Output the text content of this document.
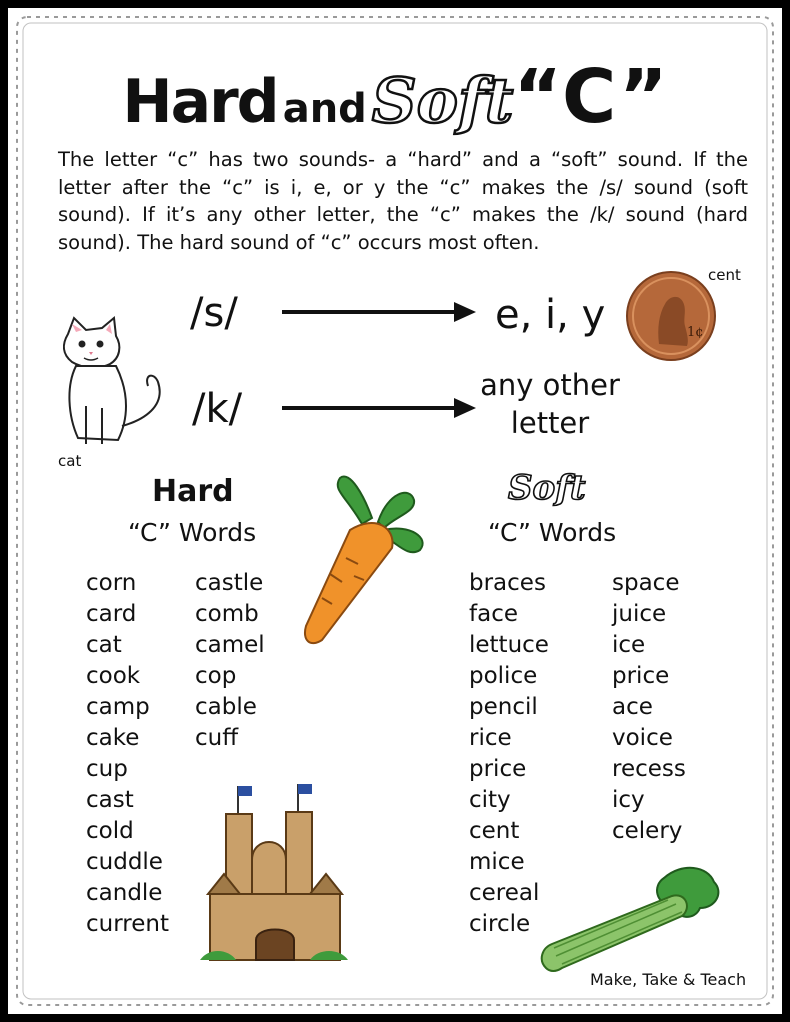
Hard and Soft“C”
The letter “c” has two sounds- a “hard” and a “soft” sound. If the letter after the “c” is i, e, or y the “c” makes the /s/ sound (soft sound). If it’s any other letter, the “c” makes the /k/ sound (hard sound). The hard sound of “c” occurs most often.
/s/	e, i, y
/k/
any other
letter
1¢
cent
cat
Hard
“C” Words
Soft
“C” Words
corn
card
cat
cook
camp
cake
cup
cast
cold
cuddle
candle
current
castle
comb
camel
cop
cable
cuff
braces
face
lettuce
police
pencil
rice
price
city
cent
mice
cereal
circle
space
juice
ice
price
ace
voice
recess
icy
celery
Make, Take & Teach
